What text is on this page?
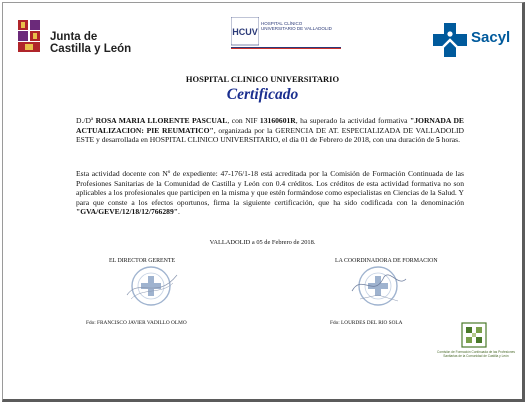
Junta de
Castilla y León
HCUV
HOSPITAL CLÍNICO
UNIVERSITARIO DE VALLADOLID
Sacyl
HOSPITAL CLINICO UNIVERSITARIO
Certificado
D./Dª ROSA MARIA LLORENTE PASCUAL, con NIF 13160601R, ha superado la actividad formativa "JORNADA DE ACTUALIZACION: PIE REUMATICO", organizada por la GERENCIA DE AT. ESPECIALIZADA DE VALLADOLID ESTE y desarrollada en HOSPITAL CLINICO UNIVERSITARIO, el día 01 de Febrero de 2018, con una duración de 5 horas.
Esta actividad docente con Nº de expediente: 47-176/1-18 está acreditada por la Comisión de Formación Continuada de las Profesiones Sanitarias de la Comunidad de Castilla y León con 0.4 créditos. Los créditos de esta actividad formativa no son aplicables a los profesionales que participen en la misma y que estén formándose como especialistas en Ciencias de la Salud. Y para que conste a los efectos oportunos, firma la siguiente certificación, que ha sido codificada con la denominación "GVA/GEVE/12/18/12/766289".
VALLADOLID a 05 de Febrero de 2018.
EL DIRECTOR GERENTE	LA COORDINADORA DE FORMACION
Fdo: FRANCISCO JAVIER VADILLO OLMO	Fdo: LOURDES DEL RIO SOLA
Comisión de Formación Continuada de las Profesiones Sanitarias de la Comunidad de Castilla y León
